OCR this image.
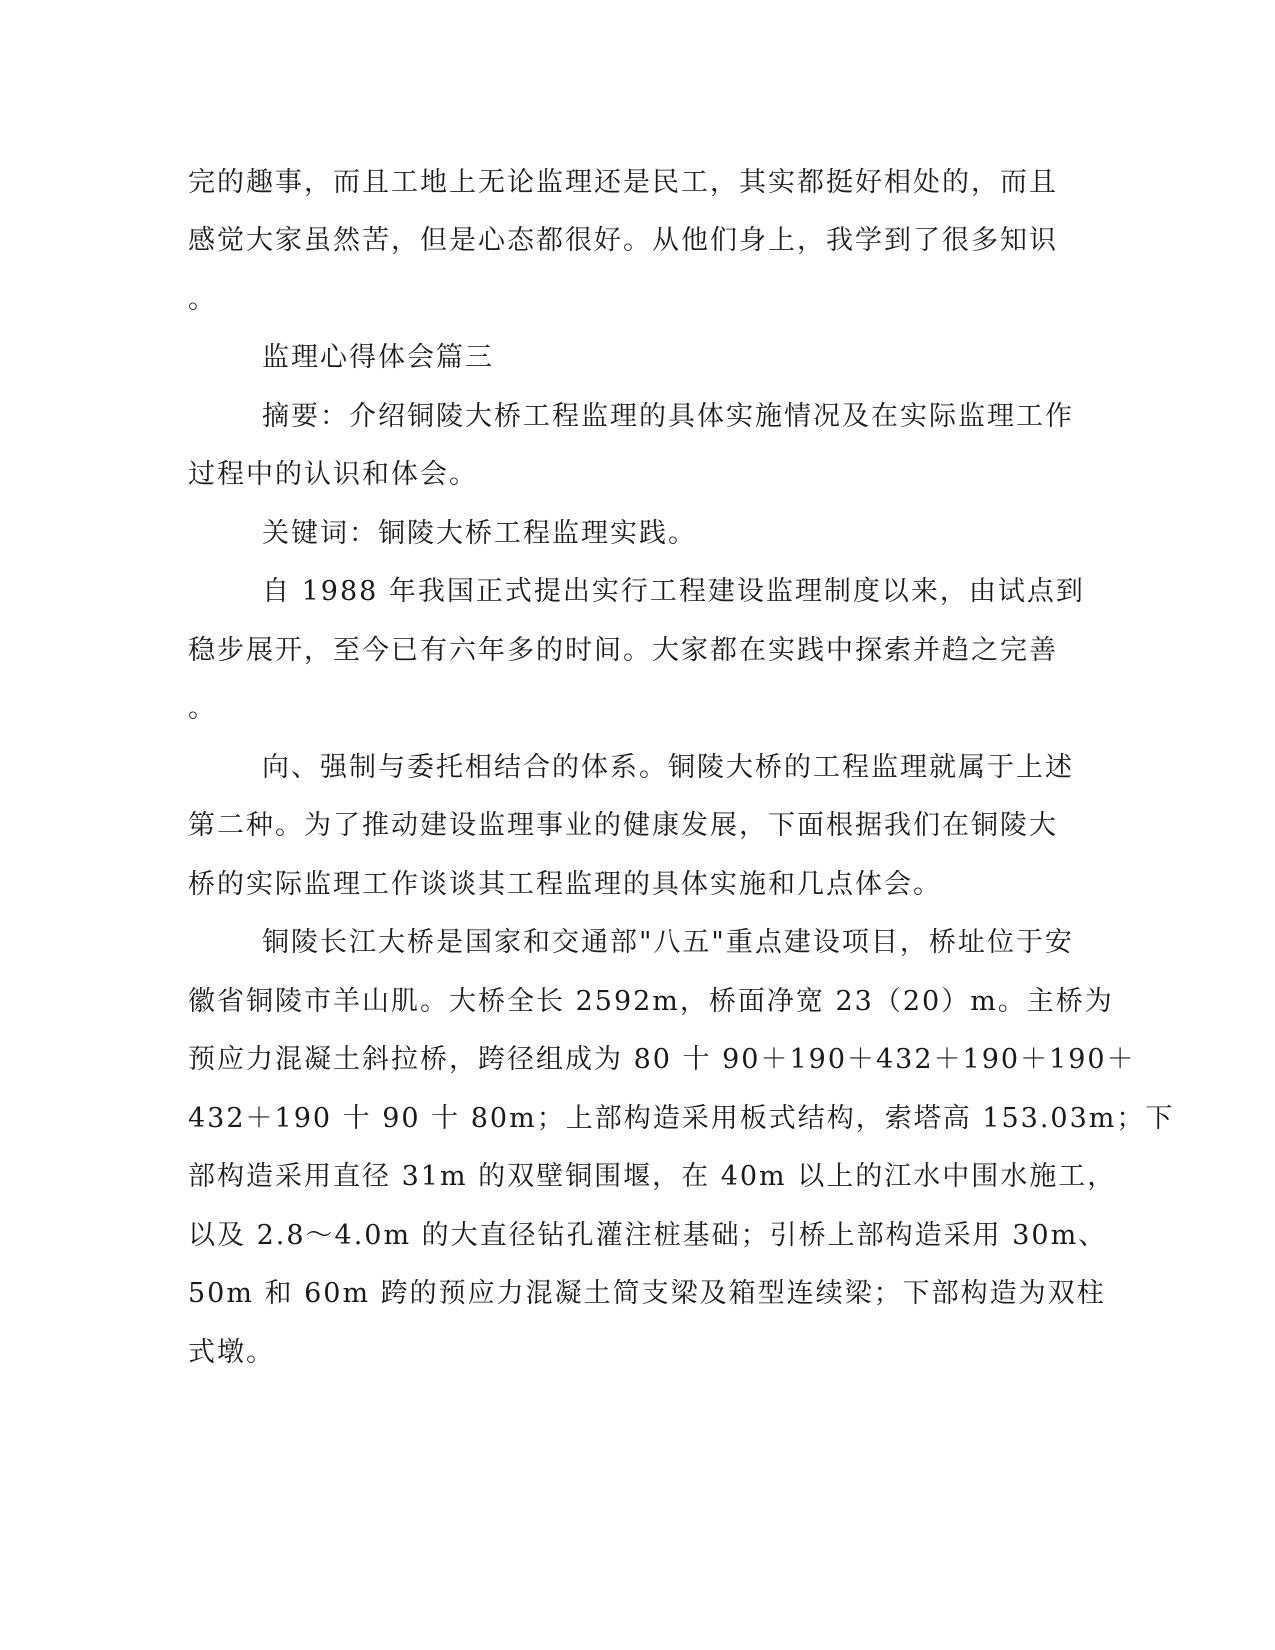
完的趣事，而且工地上无论监理还是民工，其实都挺好相处的，而且
感觉大家虽然苦，但是心态都很好。从他们身上，我学到了很多知识
。
监理心得体会篇三
摘要：介绍铜陵大桥工程监理的具体实施情况及在实际监理工作
过程中的认识和体会。
关键词：铜陵大桥工程监理实践。
自 1988 年我国正式提出实行工程建设监理制度以来，由试点到
稳步展开，至今已有六年多的时间。大家都在实践中探索并趋之完善
。
向、强制与委托相结合的体系。铜陵大桥的工程监理就属于上述
第二种。为了推动建设监理事业的健康发展，下面根据我们在铜陵大
桥的实际监理工作谈谈其工程监理的具体实施和几点体会。
铜陵长江大桥是国家和交通部"八五"重点建设项目，桥址位于安
徽省铜陵市羊山肌。大桥全长 2592m，桥面净宽 23（20）m。主桥为
预应力混凝土斜拉桥，跨径组成为 80 十 90＋190＋432＋190＋190＋
432＋190 十 90 十 80m；上部构造采用板式结构，索塔高 153.03m；下
部构造采用直径 31m 的双壁铜围堰，在 40m 以上的江水中围水施工，
以及 2.8～4.0m 的大直径钻孔灌注桩基础；引桥上部构造采用 30m、
50m 和 60m 跨的预应力混凝土简支梁及箱型连续梁；下部构造为双柱
式墩。
